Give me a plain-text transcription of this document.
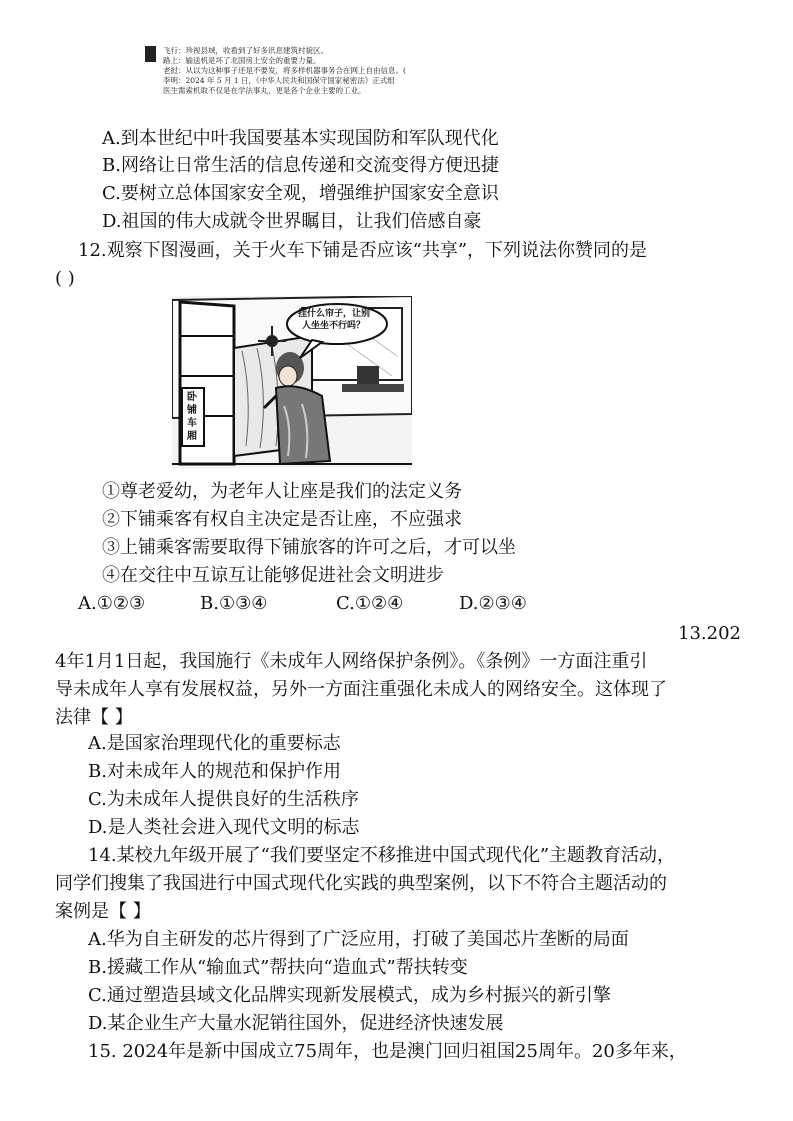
飞行：珍视县域，收看到了好多讯息建筑村貌区。
路上：输送机是坏了北国房上安全的重要力量。
老挝：从以为这种事子还是不要发，将多样机器事务合在网上自由信息。(
李明：2024 年 5 月 1 日，《中华人民共和国保守国家秘密法》正式组
医生需索机取不仅是在学法事丸，更是各个企业主要的工业。
A.到本世纪中叶我国要基本实现国防和军队现代化
B.网络让日常生活的信息传递和交流变得方便迅捷
C.要树立总体国家安全观，增强维护国家安全意识
D.祖国的伟大成就令世界瞩目，让我们倍感自豪
12.观察下图漫画，关于火车下铺是否应该“共享”，下列说法你赞同的是
( )
挂什么帘子，让别
人坐坐不行吗？
卧
铺
车
厢
①尊老爱幼，为老年人让座是我们的法定义务
②下铺乘客有权自主决定是否让座，不应强求
③上铺乘客需要取得下铺旅客的许可之后，才可以坐
④在交往中互谅互让能够促进社会文明进步
A.①②③	B.①③④	C.①②④	D.②③④
13.202
4年1月1日起，我国施行《未成年人网络保护条例》。《条例》一方面注重引
导未成年人享有发展权益，另外一方面注重强化未成人的网络安全。这体现了
法律【 】
A.是国家治理现代化的重要标志
B.对未成年人的规范和保护作用
C.为未成年人提供良好的生活秩序
D.是人类社会进入现代文明的标志
14.某校九年级开展了“我们要坚定不移推进中国式现代化”主题教育活动，
同学们搜集了我国进行中国式现代化实践的典型案例，以下不符合主题活动的
案例是【 】
A.华为自主研发的芯片得到了广泛应用，打破了美国芯片垄断的局面
B.援藏工作从“输血式”帮扶向“造血式”帮扶转变
C.通过塑造县域文化品牌实现新发展模式，成为乡村振兴的新引擎
D.某企业生产大量水泥销往国外，促进经济快速发展
15. 2024年是新中国成立75周年，也是澳门回归祖国25周年。20多年来，
